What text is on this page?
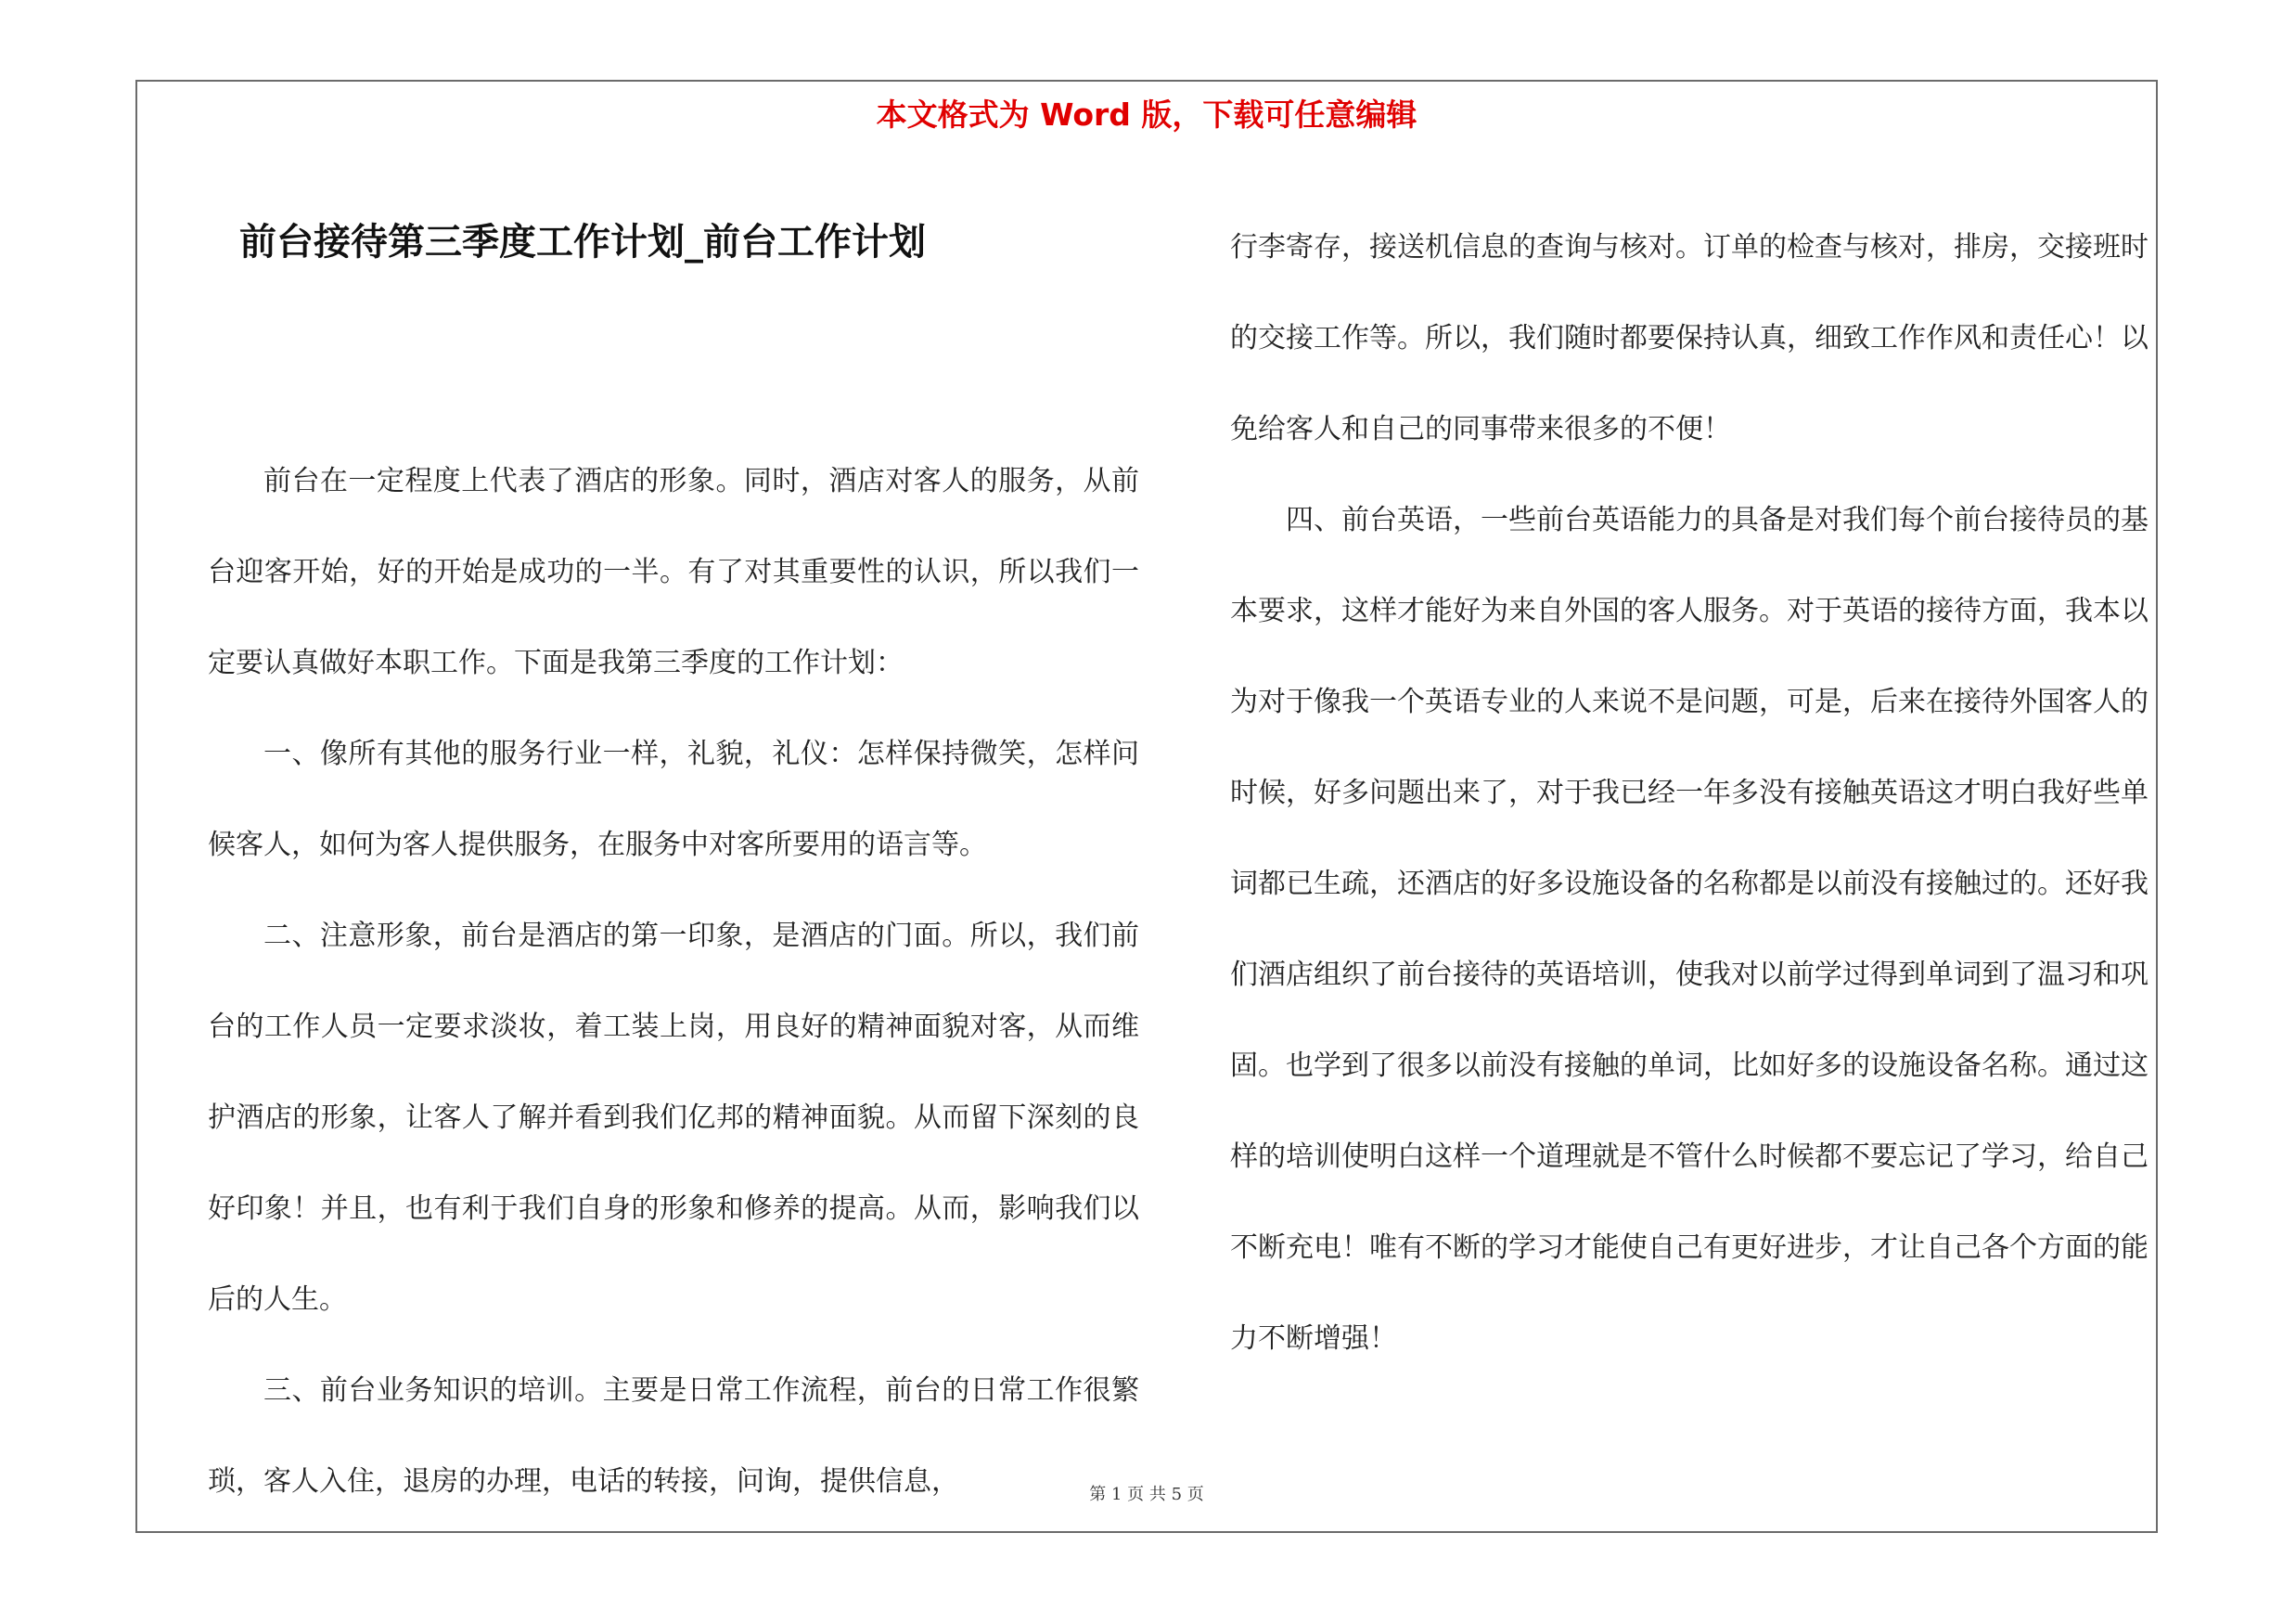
本文格式为 Word 版，下载可任意编辑
前台接待第三季度工作计划_前台工作计划

前台在一定程度上代表了酒店的形象。同时，酒店对客人的服务，从前台迎客开始，好的开始是成功的一半。有了对其重要性的认识，所以我们一定要认真做好本职工作。下面是我第三季度的工作计划：

一、像所有其他的服务行业一样，礼貌，礼仪：怎样保持微笑，怎样问候客人，如何为客人提供服务，在服务中对客所要用的语言等。

二、注意形象，前台是酒店的第一印象，是酒店的门面。所以，我们前台的工作人员一定要求淡妆，着工装上岗，用良好的精神面貌对客，从而维护酒店的形象，让客人了解并看到我们亿邦的精神面貌。从而留下深刻的良好印象！并且，也有利于我们自身的形象和修养的提高。从而，影响我们以后的人生。

三、前台业务知识的培训。主要是日常工作流程，前台的日常工作很繁琐，客人入住，退房的办理，电话的转接，问询，提供信息，

行李寄存，接送机信息的查询与核对。订单的检查与核对，排房，交接班时的交接工作等。所以，我们随时都要保持认真，细致工作作风和责任心！以免给客人和自己的同事带来很多的不便！

四、前台英语，一些前台英语能力的具备是对我们每个前台接待员的基本要求，这样才能好为来自外国的客人服务。对于英语的接待方面，我本以为对于像我一个英语专业的人来说不是问题，可是，后来在接待外国客人的时候，好多问题出来了，对于我已经一年多没有接触英语这才明白我好些单词都已生疏，还酒店的好多设施设备的名称都是以前没有接触过的。还好我们酒店组织了前台接待的英语培训，使我对以前学过得到单词到了温习和巩固。也学到了很多以前没有接触的单词，比如好多的设施设备名称。通过这样的培训使明白这样一个道理就是不管什么时候都不要忘记了学习，给自己不断充电！唯有不断的学习才能使自己有更好进步，才让自己各个方面的能力不断增强！

第 1 页 共 5 页
